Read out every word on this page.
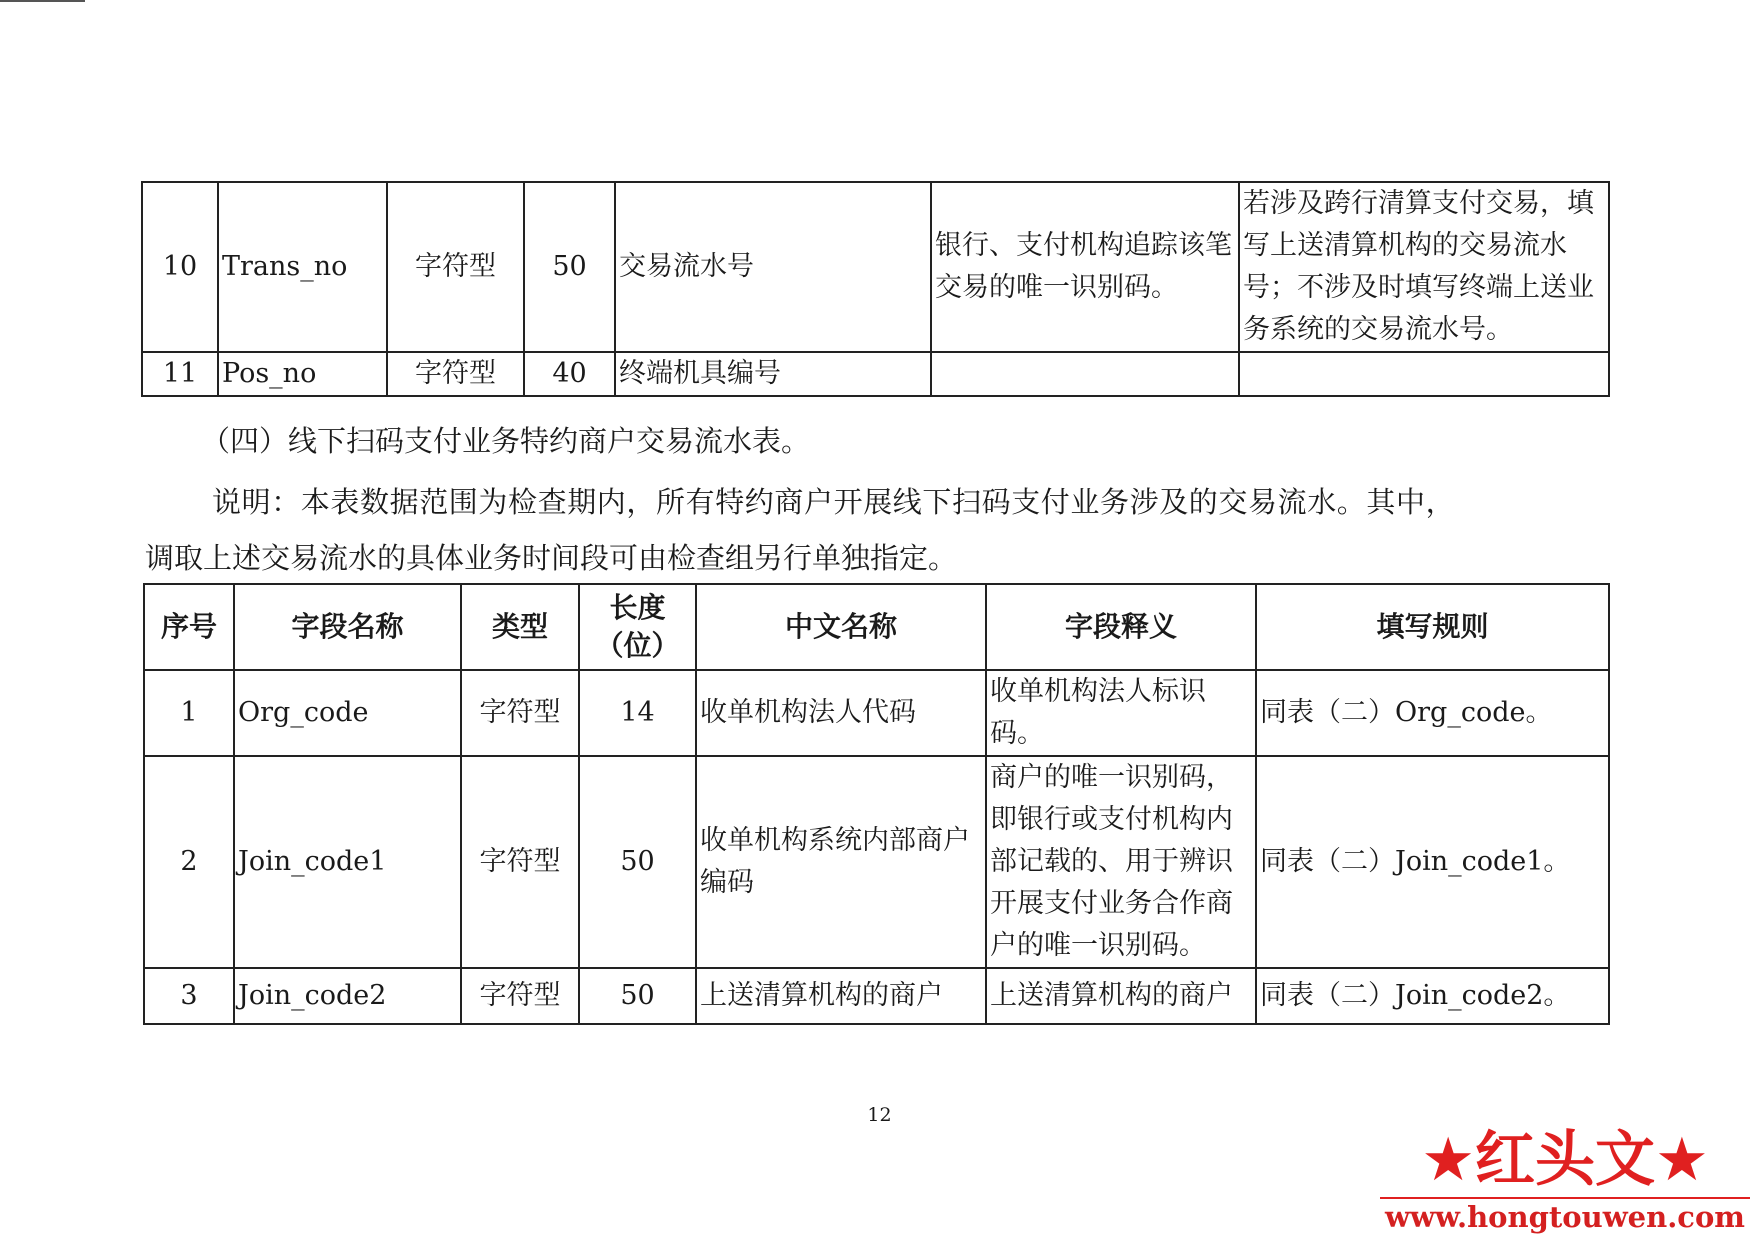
10	Trans_no	字符型	50	交易流水号	银行、支付机构追踪该笔交易的唯一识别码。	若涉及跨行清算支付交易，填写上送清算机构的交易流水号；不涉及时填写终端上送业务系统的交易流水号。
11	Pos_no	字符型	40	终端机具编号		
（四）线下扫码支付业务特约商户交易流水表。
说明：本表数据范围为检查期内，所有特约商户开展线下扫码支付业务涉及的交易流水。其中，
调取上述交易流水的具体业务时间段可由检查组另行单独指定。
序号	字段名称	类型	长度（位）	中文名称	字段释义	填写规则
1	Org_code	字符型	14	收单机构法人代码	收单机构法人标识码。	同表（二）Org_code。
2	Join_code1	字符型	50	收单机构系统内部商户编码	商户的唯一识别码，即银行或支付机构内部记载的、用于辨识开展支付业务合作商户的唯一识别码。	同表（二）Join_code1。
3	Join_code2	字符型	50	上送清算机构的商户	上送清算机构的商户	同表（二）Join_code2。
12
★红头文★
www.hongtouwen.com
